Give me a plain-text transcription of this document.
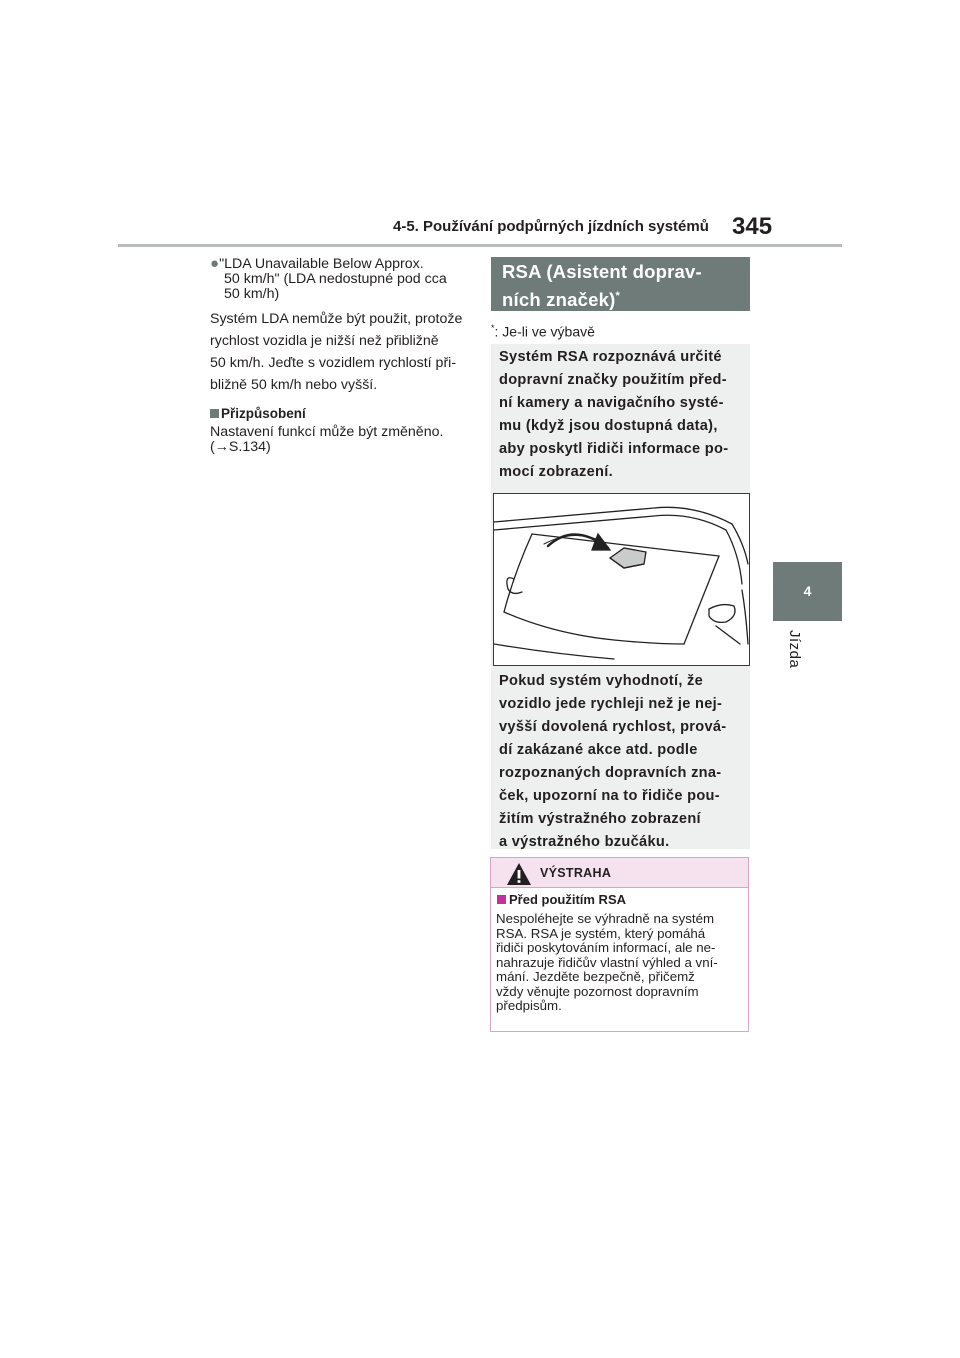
4-5. Používání podpůrných jízdních systémů 345
4
Jízda

●"LDA Unavailable Below Approx.

50 km/h" (LDA nedostupné pod cca

50 km/h)

Systém LDA nemůže být použit, protože

rychlost vozidla je nižší než přibližně

50 km/h. Jeďte s vozidlem rychlostí při-

bližně 50 km/h nebo vyšší.

Přizpůsobení

Nastavení funkcí může být změněno.

(→S.134)

RSA (Asistent doprav-
ních značek)*
*: Je-li ve výbavě
Systém RSA rozpoznává určité
dopravní značky použitím před-
ní kamery a navigačního systé-
mu (když jsou dostupná data),
aby poskytl řidiči informace po-
mocí zobrazení.
Pokud systém vyhodnotí, že
vozidlo jede rychleji než je nej-
vyšší dovolená rychlost, prová-
dí zakázané akce atd. podle
rozpoznaných dopravních zna-
ček, upozorní na to řidiče pou-
žitím výstražného zobrazení
a výstražného bzučáku.
VÝSTRAHA
Před použitím RSA
Nespoléhejte se výhradně na systém
RSA. RSA je systém, který pomáhá
řidiči poskytováním informací, ale ne-
nahrazuje řidičův vlastní výhled a vní-
mání. Jezděte bezpečně, přičemž
vždy věnujte pozornost dopravním
předpisům.
